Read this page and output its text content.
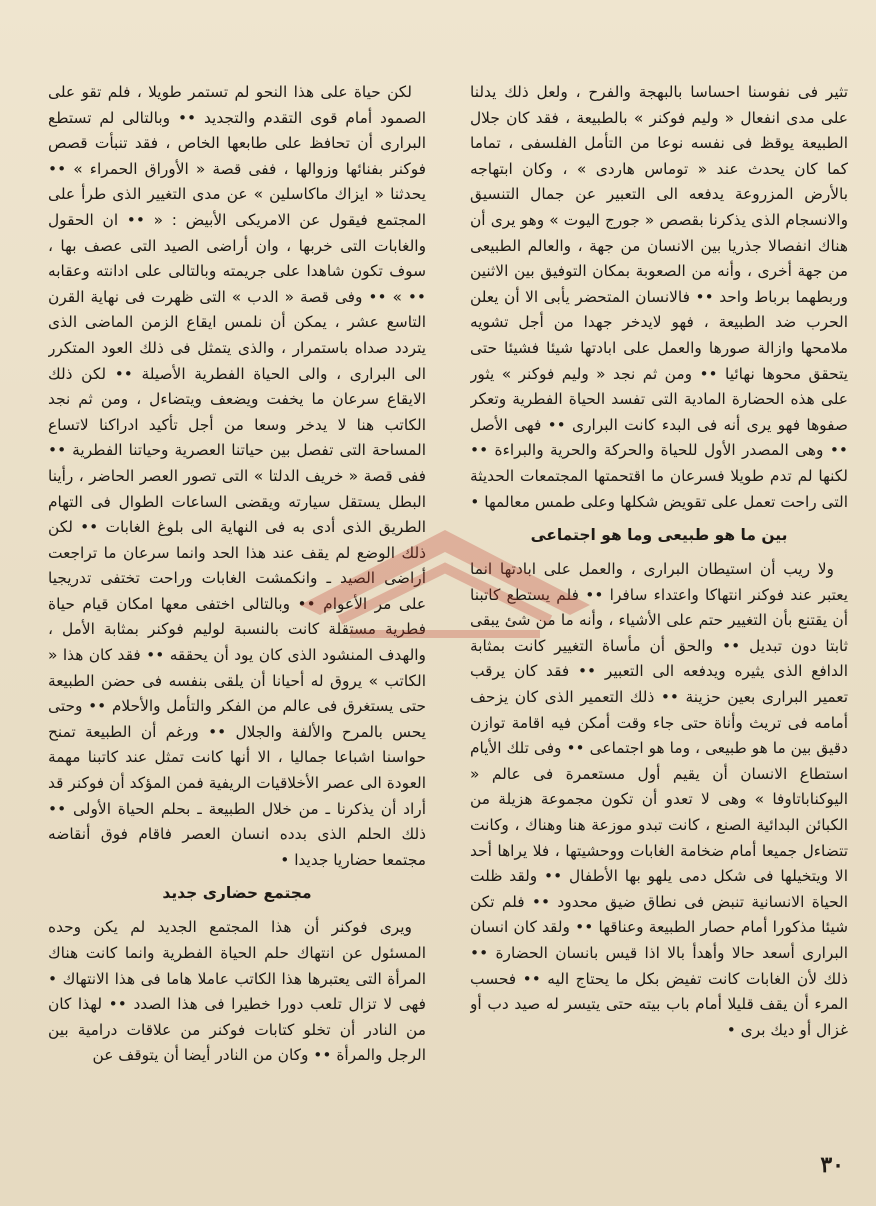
تثير فى نفوسنا احساسا بالبهجة والفرح ، ولعل ذلك يدلنا على مدى انفعال « وليم فوكنر » بالطبيعة ، فقد كان جلال الطبيعة يوقظ فى نفسه نوعا من التأمل الفلسفى ، تماما كما كان يحدث عند « توماس هاردى » ، وكان ابتهاجه بالأرض المزروعة يدفعه الى التعبير عن جمال التنسيق والانسجام الذى يذكرنا بقصص « جورج اليوت » وهو يرى أن هناك انفصالا جذريا بين الانسان من جهة ، والعالم الطبيعى من جهة أخرى ، وأنه من الصعوبة بمكان التوفيق بين الاثنين وربطهما برباط واحد •• فالانسان المتحضر يأبى الا أن يعلن الحرب ضد الطبيعة ، فهو لايدخر جهدا من أجل تشويه ملامحها وازالة صورها والعمل على ابادتها شيئا فشيئا حتى يتحقق محوها نهائيا •• ومن ثم نجد « وليم فوكنر » يثور على هذه الحضارة المادية التى تفسد الحياة الفطرية وتعكر صفوها فهو يرى أنه فى البدء كانت البرارى •• فهى الأصل •• وهى المصدر الأول للحياة والحركة والحرية والبراءة •• لكنها لم تدم طويلا فسرعان ما اقتحمتها المجتمعات الحديثة التى راحت تعمل على تقويض شكلها وعلى طمس معالمها •

بين ما هو طبيعى وما هو اجتماعى

ولا ريب أن استيطان البرارى ، والعمل على ابادتها انما يعتبر عند فوكنر انتهاكا واعتداء سافرا •• فلم يستطع كاتبنا أن يقتنع بأن التغيير حتم على الأشياء ، وأنه ما من شئ يبقى ثابتا دون تبديل •• والحق أن مأساة التغيير كانت بمثابة الدافع الذى يثيره ويدفعه الى التعبير •• فقد كان يرقب تعمير البرارى بعين حزينة •• ذلك التعمير الذى كان يزحف أمامه فى تريث وأناة حتى جاء وقت أمكن فيه اقامة توازن دقيق بين ما هو طبيعى ، وما هو اجتماعى •• وفى تلك الأيام استطاع الانسان أن يقيم أول مستعمرة فى عالم « اليوكناباتاوفا » وهى لا تعدو أن تكون مجموعة هزيلة من الكبائن البدائية الصنع ، كانت تبدو موزعة هنا وهناك ، وكانت تتضاءل جميعا أمام ضخامة الغابات ووحشيتها ، فلا يراها أحد الا ويتخيلها فى شكل دمى يلهو بها الأطفال •• ولقد ظلت الحياة الانسانية تنبض فى نطاق ضيق محدود •• فلم تكن شيئا مذكورا أمام حصار الطبيعة وعناقها •• ولقد كان انسان البرارى أسعد حالا وأهدأ بالا اذا قيس بانسان الحضارة •• ذلك لأن الغابات كانت تفيض بكل ما يحتاج اليه •• فحسب المرء أن يقف قليلا أمام باب بيته حتى يتيسر له صيد دب أو غزال أو ديك برى •

لكن حياة على هذا النحو لم تستمر طويلا ، فلم تقو على الصمود أمام قوى التقدم والتجديد •• وبالتالى لم تستطع البرارى أن تحافظ على طابعها الخاص ، فقد تنبأت قصص فوكنر بفنائها وزوالها ، ففى قصة « الأوراق الحمراء » •• يحدثنا « ايزاك ماكاسلين » عن مدى التغيير الذى طرأ على المجتمع فيقول عن الامريكى الأبيض : « •• ان الحقول والغابات التى خربها ، وان أراضى الصيد التى عصف بها ، سوف تكون شاهدا على جريمته وبالتالى على ادانته وعقابه •• » •• وفى قصة « الدب » التى ظهرت فى نهاية القرن التاسع عشر ، يمكن أن نلمس ايقاع الزمن الماضى الذى يتردد صداه باستمرار ، والذى يتمثل فى ذلك العود المتكرر الى البرارى ، والى الحياة الفطرية الأصيلة •• لكن ذلك الايقاع سرعان ما يخفت ويضعف ويتضاءل ، ومن ثم نجد الكاتب هنا لا يدخر وسعا من أجل تأكيد ادراكنا لاتساع المساحة التى تفصل بين حياتنا العصرية وحياتنا الفطرية •• ففى قصة « خريف الدلتا » التى تصور العصر الحاضر ، رأينا البطل يستقل سيارته ويقضى الساعات الطوال فى التهام الطريق الذى أدى به فى النهاية الى بلوغ الغابات •• لكن ذلك الوضع لم يقف عند هذا الحد وانما سرعان ما تراجعت أراضى الصيد ـ وانكمشت الغابات وراحت تختفى تدريجيا على مر الأعوام •• وبالتالى اختفى معها امكان قيام حياة فطرية مستقلة كانت بالنسبة لوليم فوكنر بمثابة الأمل ، والهدف المنشود الذى كان يود أن يحققه •• فقد كان هذا « الكاتب » يروق له أحيانا أن يلقى بنفسه فى حضن الطبيعة حتى يستغرق فى عالم من الفكر والتأمل والأحلام •• وحتى يحس بالمرح والألفة والجلال •• ورغم أن الطبيعة تمنح حواسنا اشباعا جماليا ، الا أنها كانت تمثل عند كاتبنا مهمة العودة الى عصر الأخلاقيات الريفية فمن المؤكد أن فوكنر قد أراد أن يذكرنا ـ من خلال الطبيعة ـ بحلم الحياة الأولى •• ذلك الحلم الذى بدده انسان العصر فاقام فوق أنقاضه مجتمعا حضاريا جديدا •

مجتمع حضارى جديد

ويرى فوكنر أن هذا المجتمع الجديد لم يكن وحده المسئول عن انتهاك حلم الحياة الفطرية وانما كانت هناك المرأة التى يعتبرها هذا الكاتب عاملا هاما فى هذا الانتهاك • فهى لا تزال تلعب دورا خطيرا فى هذا الصدد •• لهذا كان من النادر أن تخلو كتابات فوكنر من علاقات درامية بين الرجل والمرأة •• وكان من النادر أيضا أن يتوقف عن

٣٠
